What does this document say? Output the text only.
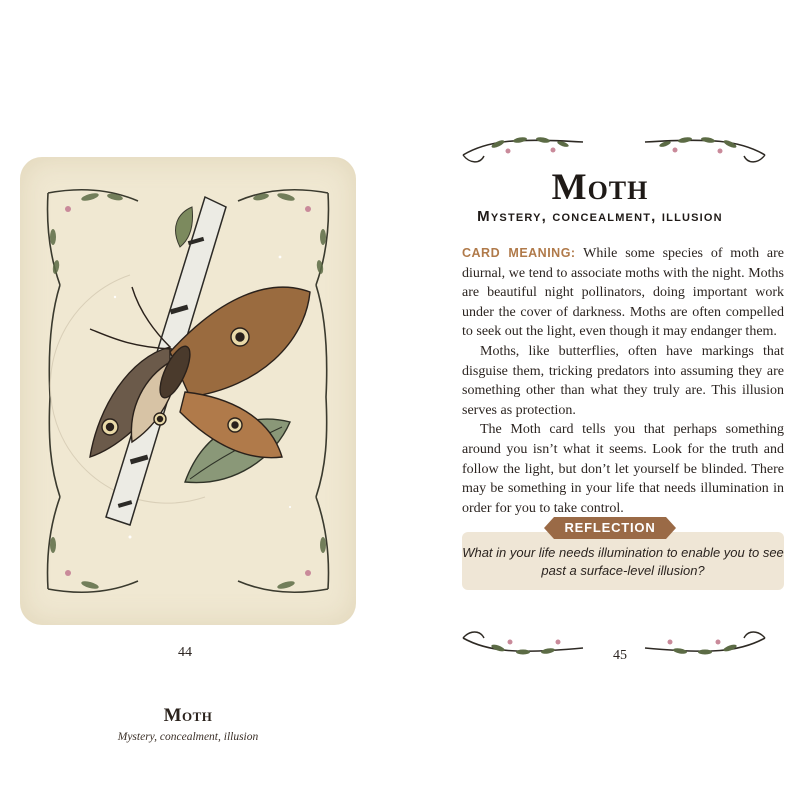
Moth
Mystery, concealment, illusion
44
Moth
Mystery, concealment, illusion

CARD MEANING: While some species of moth are diurnal, we tend to associate moths with the night. Moths are beautiful night pollinators, doing important work under the cover of darkness. Moths are often compelled to seek out the light, even though it may endanger them.

Moths, like butterflies, often have markings that disguise them, tricking predators into assuming they are something other than what they truly are. This illusion serves as protection.

The Moth card tells you that perhaps something around you isn’t what it seems. Look for the truth and follow the light, but don’t let yourself be blinded. There may be something in your life that needs illumination in order for you to take control.

REFLECTION
What in your life needs illumination to enable you to see past a surface-level illusion?
45
